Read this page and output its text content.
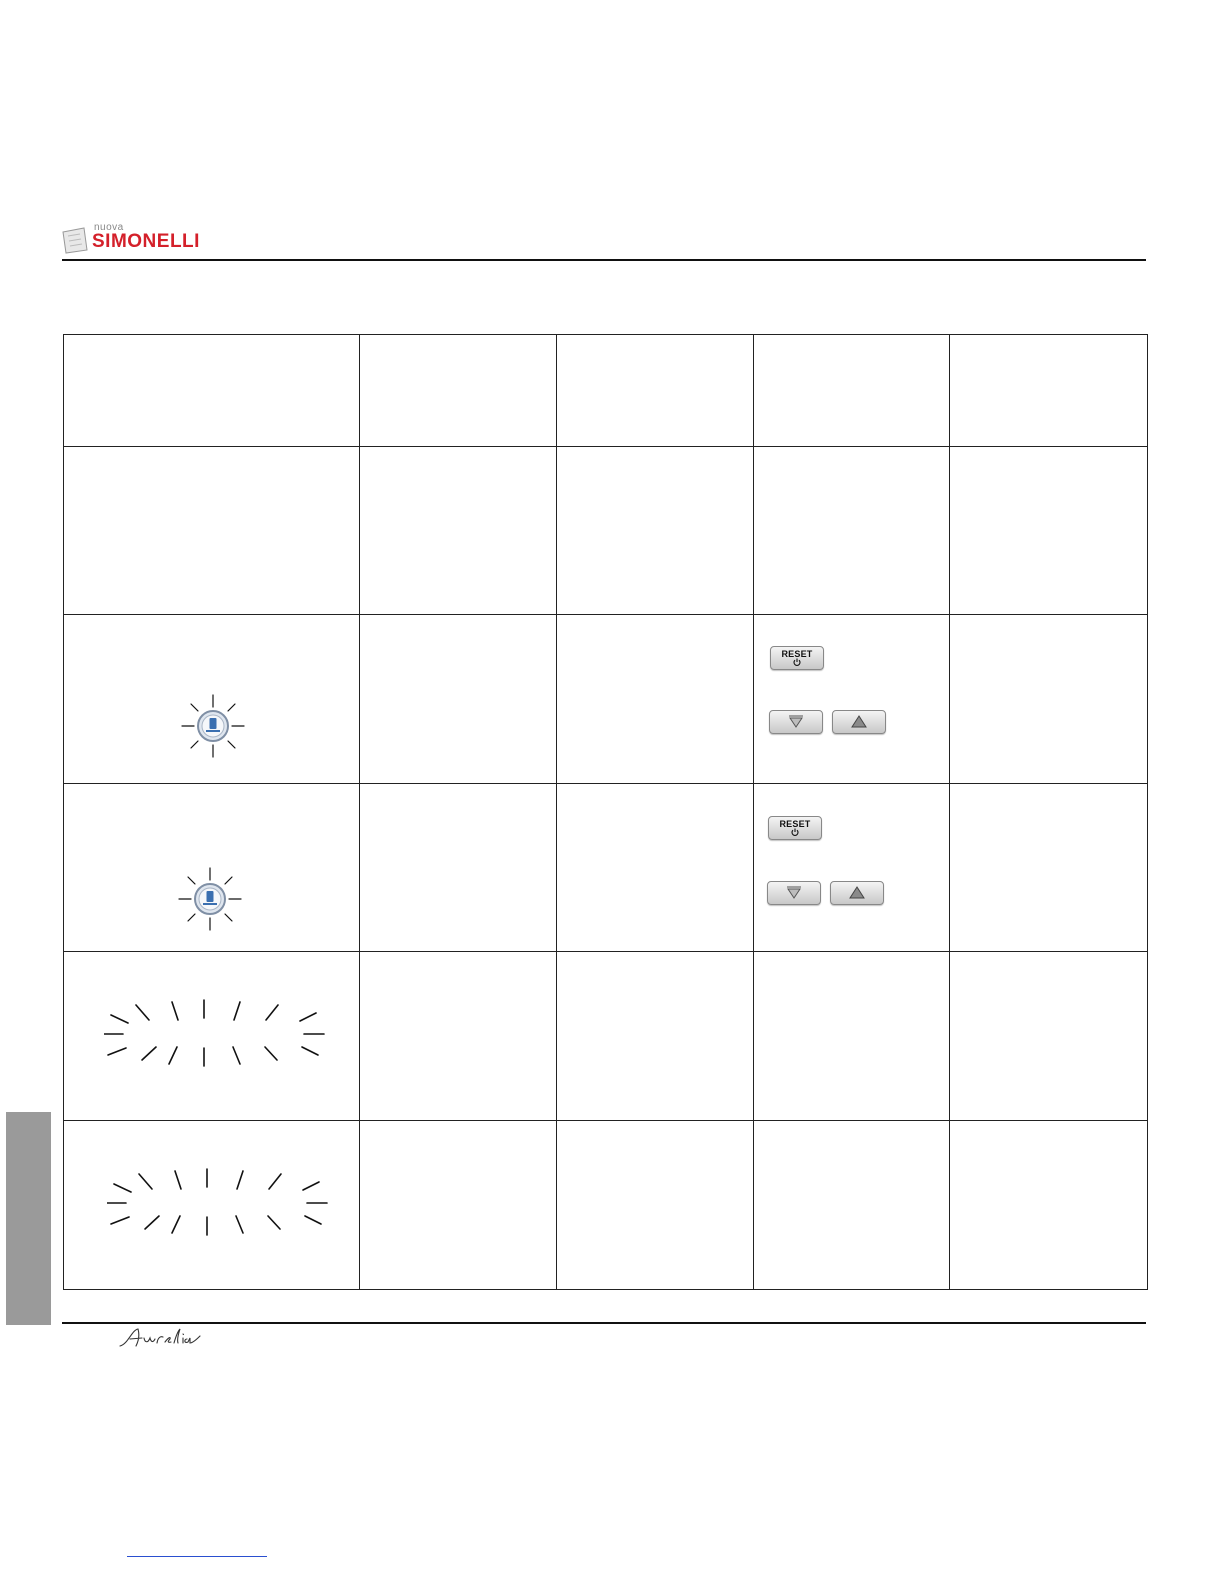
nuova
SIMONELLI

RESET	

RESET	
